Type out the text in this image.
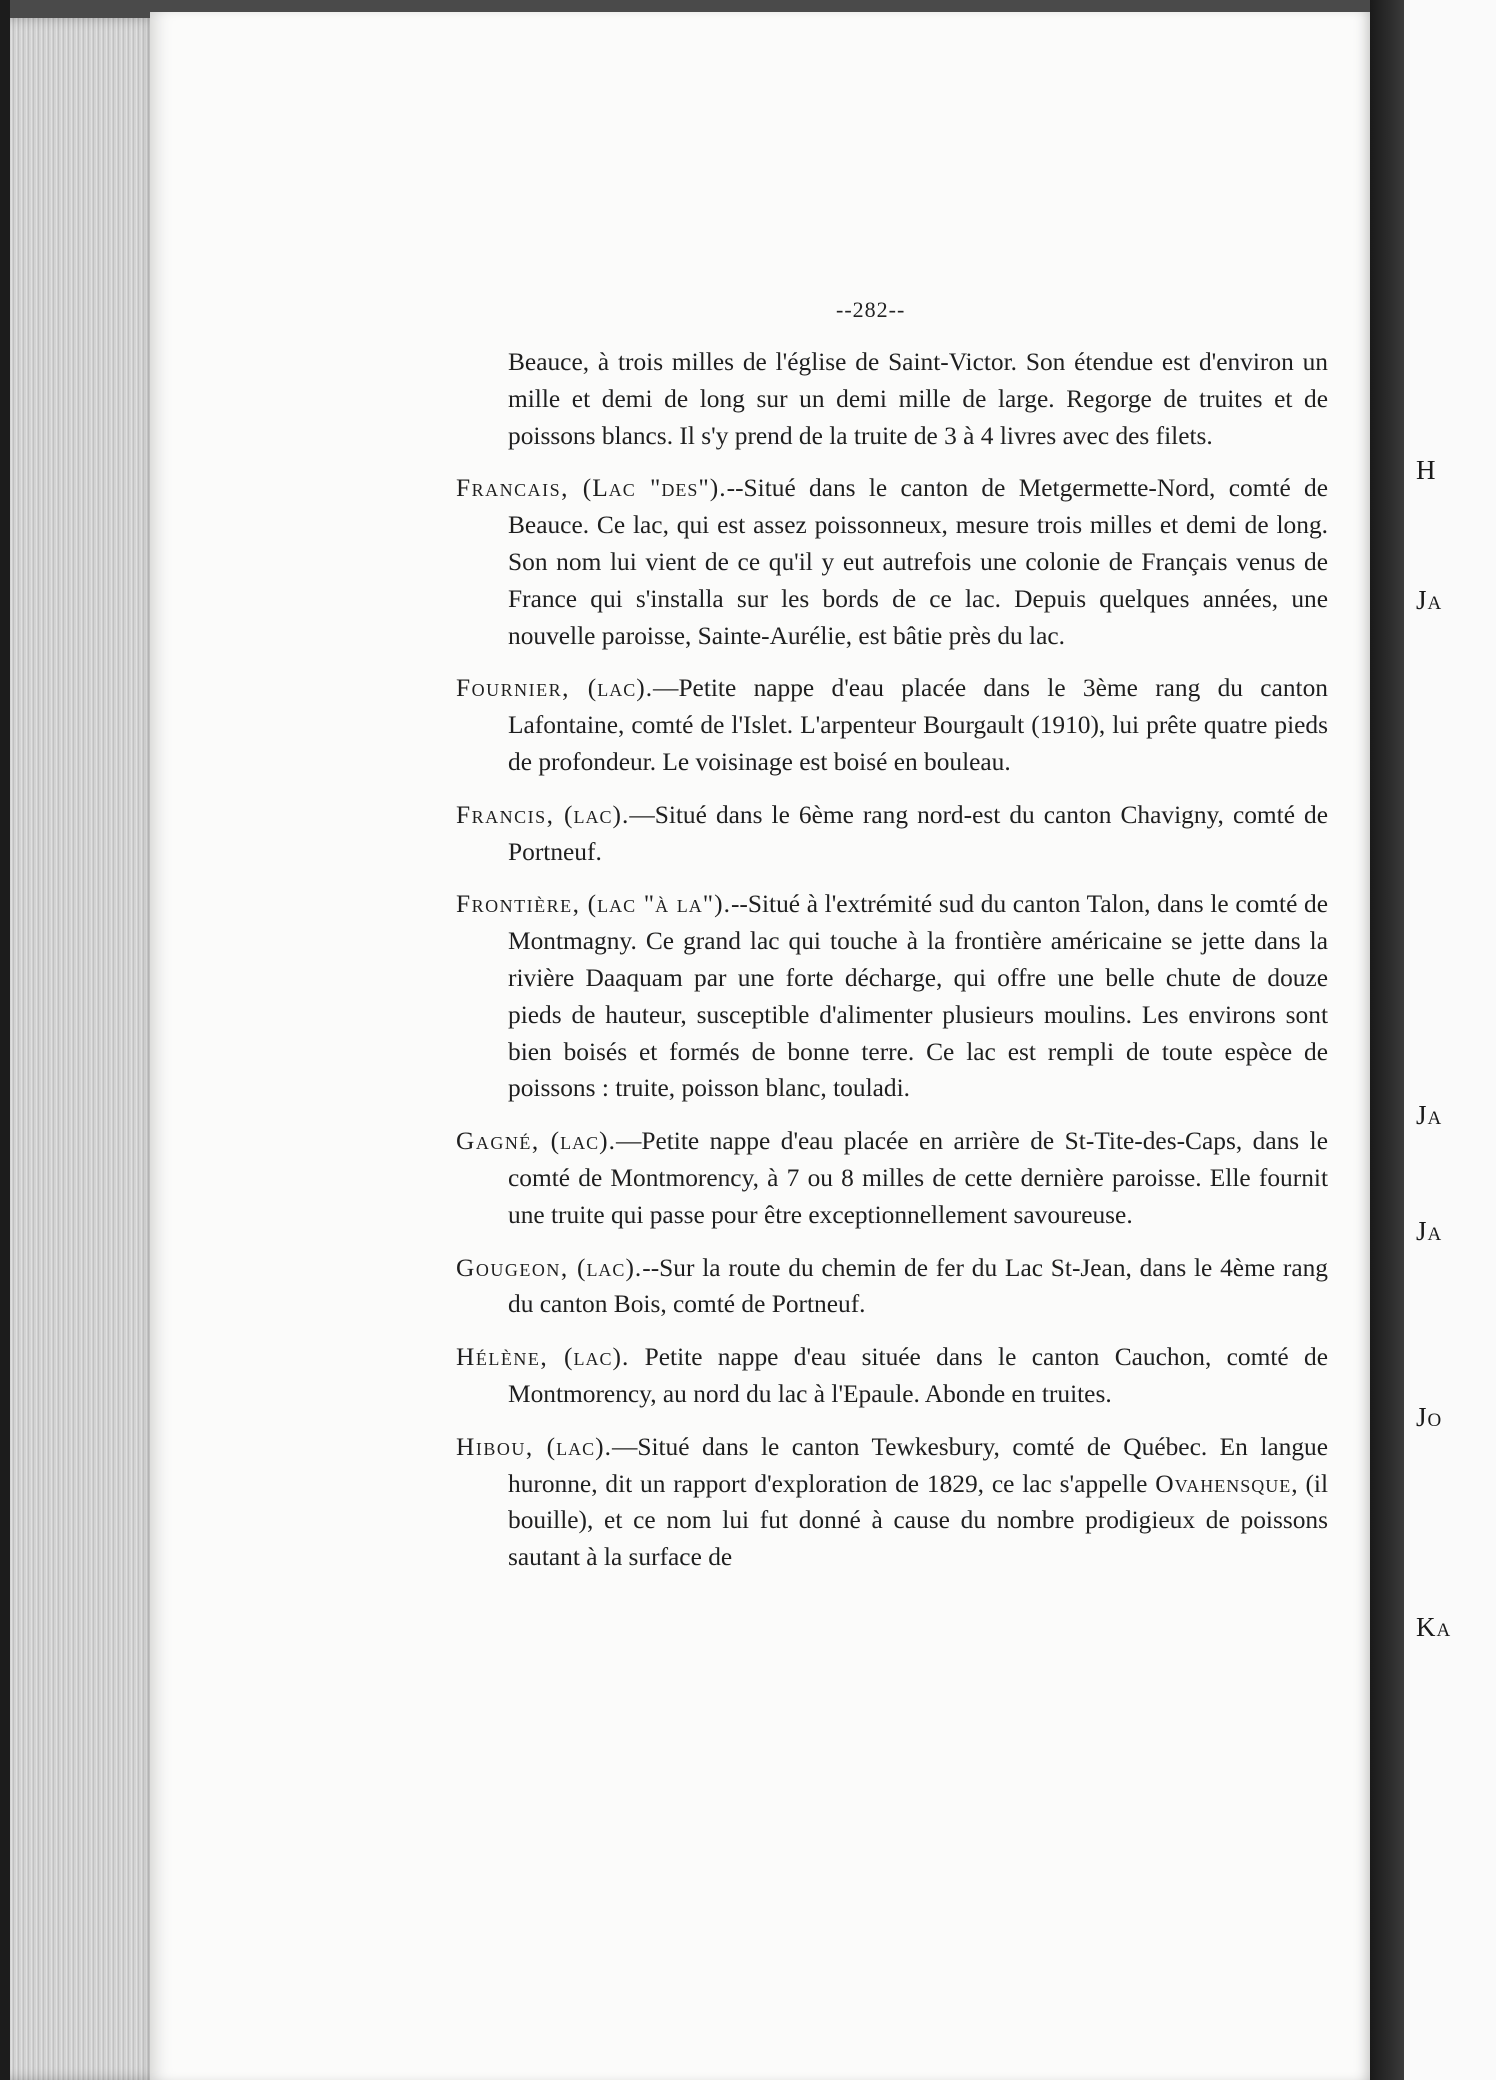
H
Ja
Ja
Ja
Jo
Ka
--282--

Beauce, à trois milles de l'église de Saint-Victor. Son étendue est d'environ un mille et demi de long sur un demi mille de large. Regorge de truites et de poissons blancs. Il s'y prend de la truite de 3 à 4 livres avec des filets.

Francais, (Lac "des").--Situé dans le canton de Metgermette-Nord, comté de Beauce. Ce lac, qui est assez poissonneux, mesure trois milles et demi de long. Son nom lui vient de ce qu'il y eut autrefois une colonie de Français venus de France qui s'installa sur les bords de ce lac. Depuis quelques années, une nouvelle paroisse, Sainte-Aurélie, est bâtie près du lac.

Fournier, (lac).—Petite nappe d'eau placée dans le 3ème rang du canton Lafontaine, comté de l'Islet. L'arpenteur Bourgault (1910), lui prête quatre pieds de profondeur. Le voisinage est boisé en bouleau.

Francis, (lac).—Situé dans le 6ème rang nord-est du canton Chavigny, comté de Portneuf.

Frontière, (lac "à la").--Situé à l'extrémité sud du canton Talon, dans le comté de Montmagny. Ce grand lac qui touche à la frontière américaine se jette dans la rivière Daaquam par une forte décharge, qui offre une belle chute de douze pieds de hauteur, susceptible d'alimenter plusieurs moulins. Les environs sont bien boisés et formés de bonne terre. Ce lac est rempli de toute espèce de poissons : truite, poisson blanc, touladi.

Gagné, (lac).—Petite nappe d'eau placée en arrière de St-Tite-des-Caps, dans le comté de Montmorency, à 7 ou 8 milles de cette dernière paroisse. Elle fournit une truite qui passe pour être exceptionnellement savoureuse.

Gougeon, (lac).--Sur la route du chemin de fer du Lac St-Jean, dans le 4ème rang du canton Bois, comté de Portneuf.

Hélène, (lac). Petite nappe d'eau située dans le canton Cauchon, comté de Montmorency, au nord du lac à l'Epaule. Abonde en truites.

Hibou, (lac).—Situé dans le canton Tewkesbury, comté de Québec. En langue huronne, dit un rapport d'exploration de 1829, ce lac s'appelle Ovahensque, (il bouille), et ce nom lui fut donné à cause du nombre prodigieux de poissons sautant à la surface de
